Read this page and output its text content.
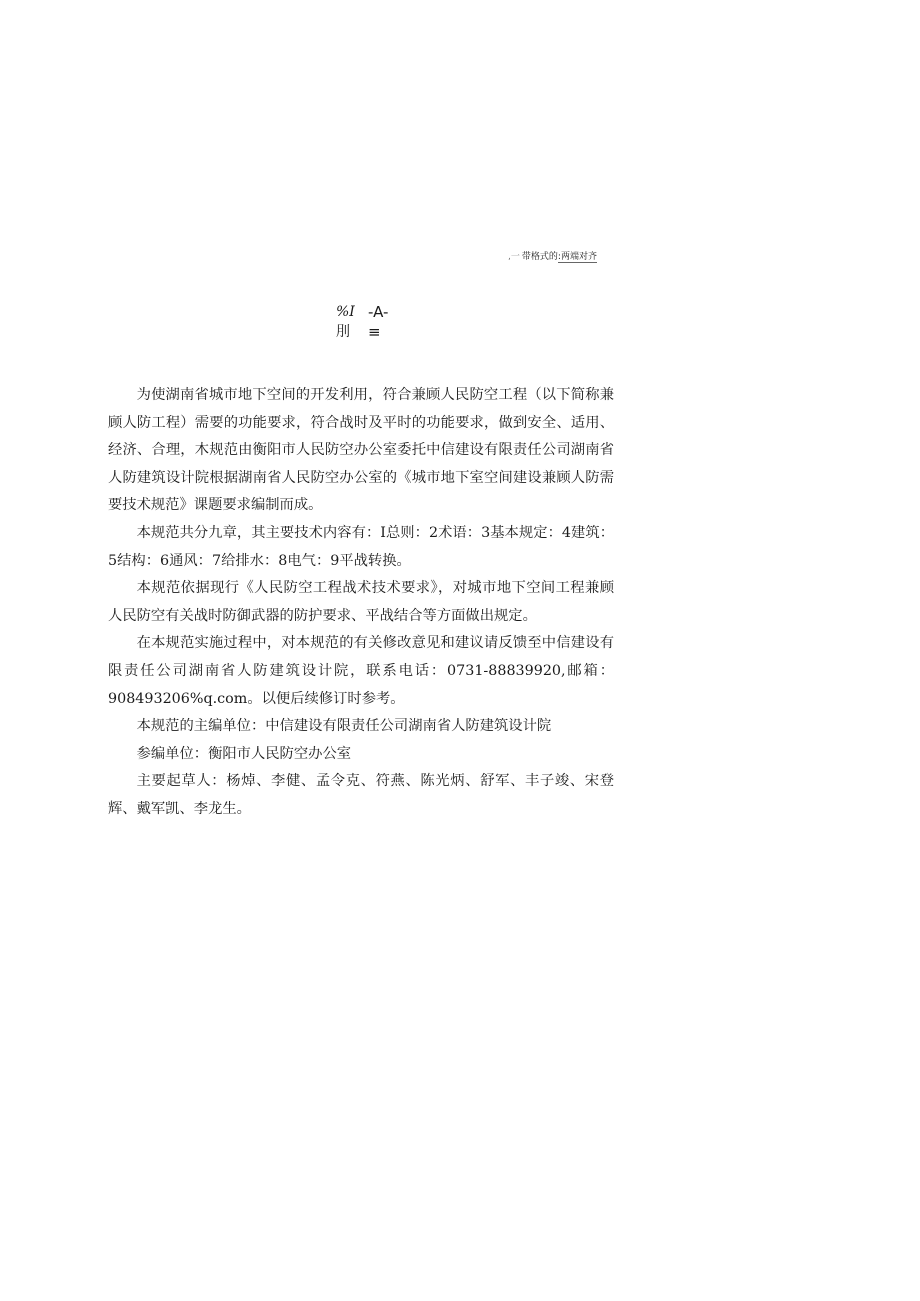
,一 带格式的:两端对齐
%I -A-
刖	≡

为使湖南省城市地下空间的开发利用，符合兼顾人民防空工程（以下简称兼顾人防工程）需要的功能要求，符合战时及平时的功能要求，做到安全、适用、经济、合理，木规范由衡阳市人民防空办公室委托中信建设有限责任公司湖南省人防建筑设计院根据湖南省人民防空办公室的《城市地下室空间建设兼顾人防需要技术规范》课题要求编制而成。

本规范共分九章，其主要技术内容有：I总则：2术语：3基本规定：4建筑：5结构：6通风：7给排水：8电气：9平战转换。

本规范依据现行《人民防空工程战术技术要求》，对城市地下空间工程兼顾人民防空有关战时防御武器的防护要求、平战结合等方面做出规定。

在本规范实施过程中，对本规范的有关修改意见和建议请反馈至中信建设有限责任公司湖南省人防建筑设计院，联系电话：0731-88839920,邮箱：908493206%q.com。以便后续修订时参考。

本规范的主编单位：中信建设有限责任公司湖南省人防建筑设计院

参编单位：衡阳市人民防空办公室

主要起草人：杨焯、李健、孟令克、符燕、陈光炳、舒军、丰子竣、宋登辉、戴军凯、李龙生。
